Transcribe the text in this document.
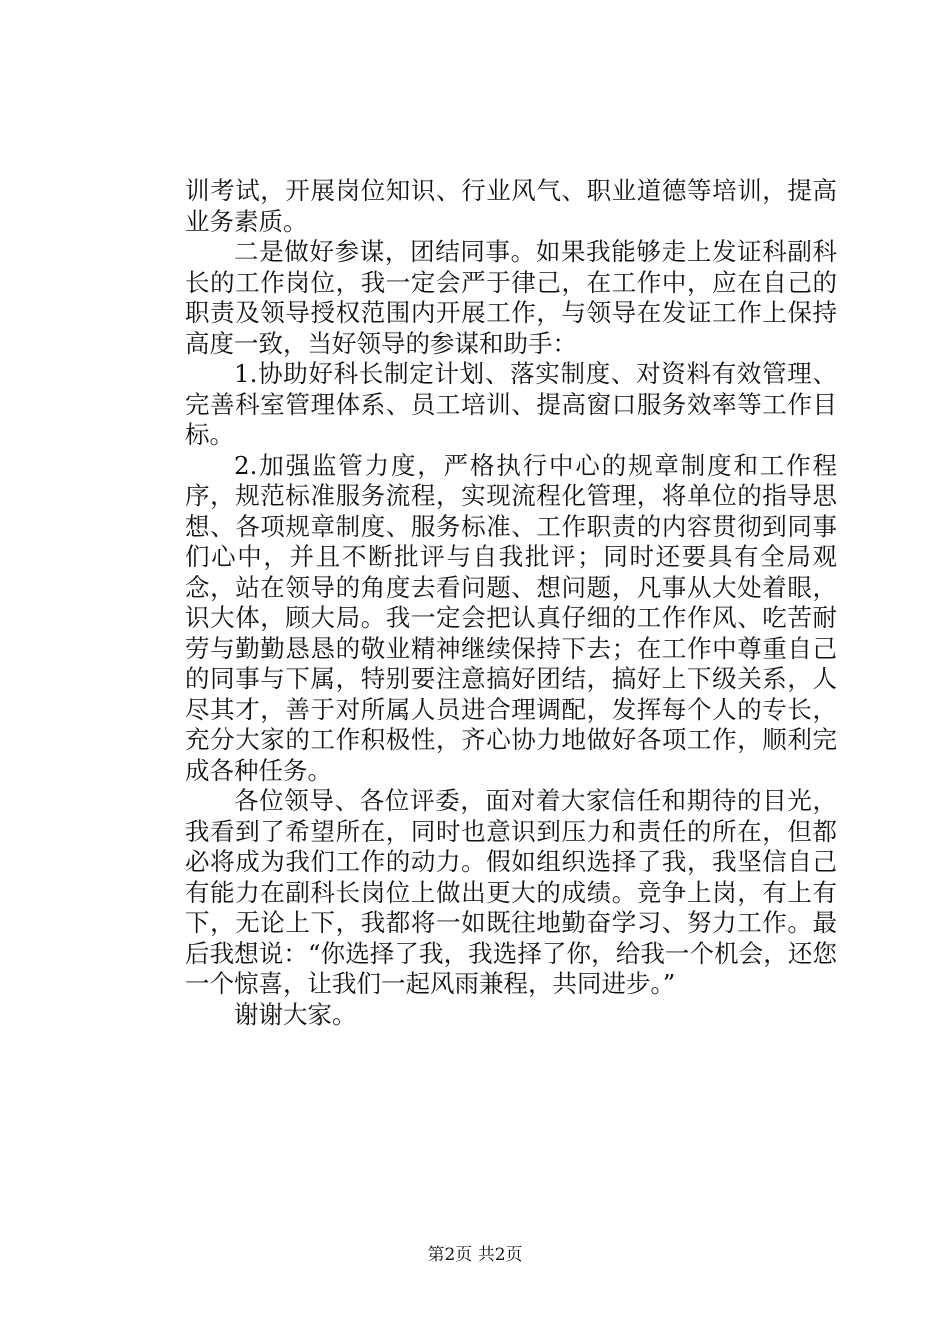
训考试，开展岗位知识、行业风气、职业道德等培训，提高业务素质。

二是做好参谋，团结同事。如果我能够走上发证科副科长的工作岗位，我一定会严于律己，在工作中，应在自己的职责及领导授权范围内开展工作，与领导在发证工作上保持高度一致，当好领导的参谋和助手：

1.协助好科长制定计划、落实制度、对资料有效管理、完善科室管理体系、员工培训、提高窗口服务效率等工作目标。

2.加强监管力度，严格执行中心的规章制度和工作程序，规范标准服务流程，实现流程化管理，将单位的指导思想、各项规章制度、服务标准、工作职责的内容贯彻到同事们心中，并且不断批评与自我批评；同时还要具有全局观念，站在领导的角度去看问题、想问题，凡事从大处着眼，识大体，顾大局。我一定会把认真仔细的工作作风、吃苦耐劳与勤勤恳恳的敬业精神继续保持下去；在工作中尊重自己的同事与下属，特别要注意搞好团结，搞好上下级关系，人尽其才，善于对所属人员进合理调配，发挥每个人的专长，充分大家的工作积极性，齐心协力地做好各项工作，顺利完成各种任务。

各位领导、各位评委，面对着大家信任和期待的目光，我看到了希望所在，同时也意识到压力和责任的所在，但都必将成为我们工作的动力。假如组织选择了我，我坚信自己有能力在副科长岗位上做出更大的成绩。竞争上岗，有上有下，无论上下，我都将一如既往地勤奋学习、努力工作。最后我想说：“你选择了我，我选择了你，给我一个机会，还您一个惊喜，让我们一起风雨兼程，共同进步。”

谢谢大家。

第2页 共2页
